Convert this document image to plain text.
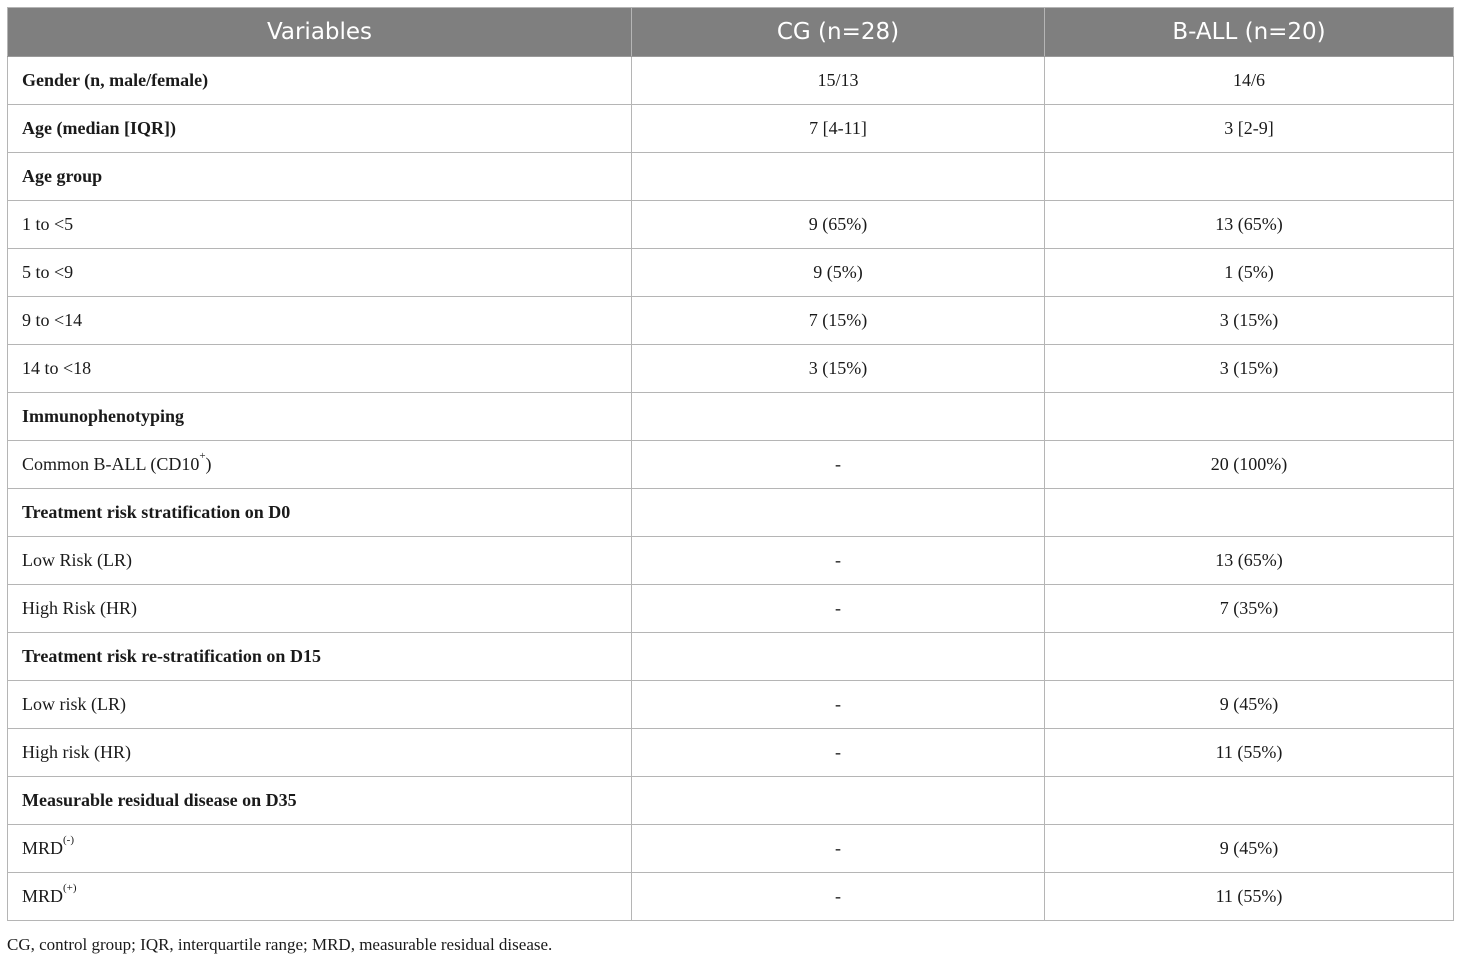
Variables	CG (n=28)	B-ALL (n=20)
Gender (n, male/female)	15/13	14/6
Age (median [IQR])	7 [4-11]	3 [2-9]
Age group		
1 to <5	9 (65%)	13 (65%)
5 to <9	9 (5%)	1 (5%)
9 to <14	7 (15%)	3 (15%)
14 to <18	3 (15%)	3 (15%)
Immunophenotyping		
Common B-ALL (CD10+)	-	20 (100%)
Treatment risk stratification on D0		
Low Risk (LR)	-	13 (65%)
High Risk (HR)	-	7 (35%)
Treatment risk re-stratification on D15		
Low risk (LR)	-	9 (45%)
High risk (HR)	-	11 (55%)
Measurable residual disease on D35		
MRD(-)	-	9 (45%)
MRD(+)	-	11 (55%)
CG, control group; IQR, interquartile range; MRD, measurable residual disease.
